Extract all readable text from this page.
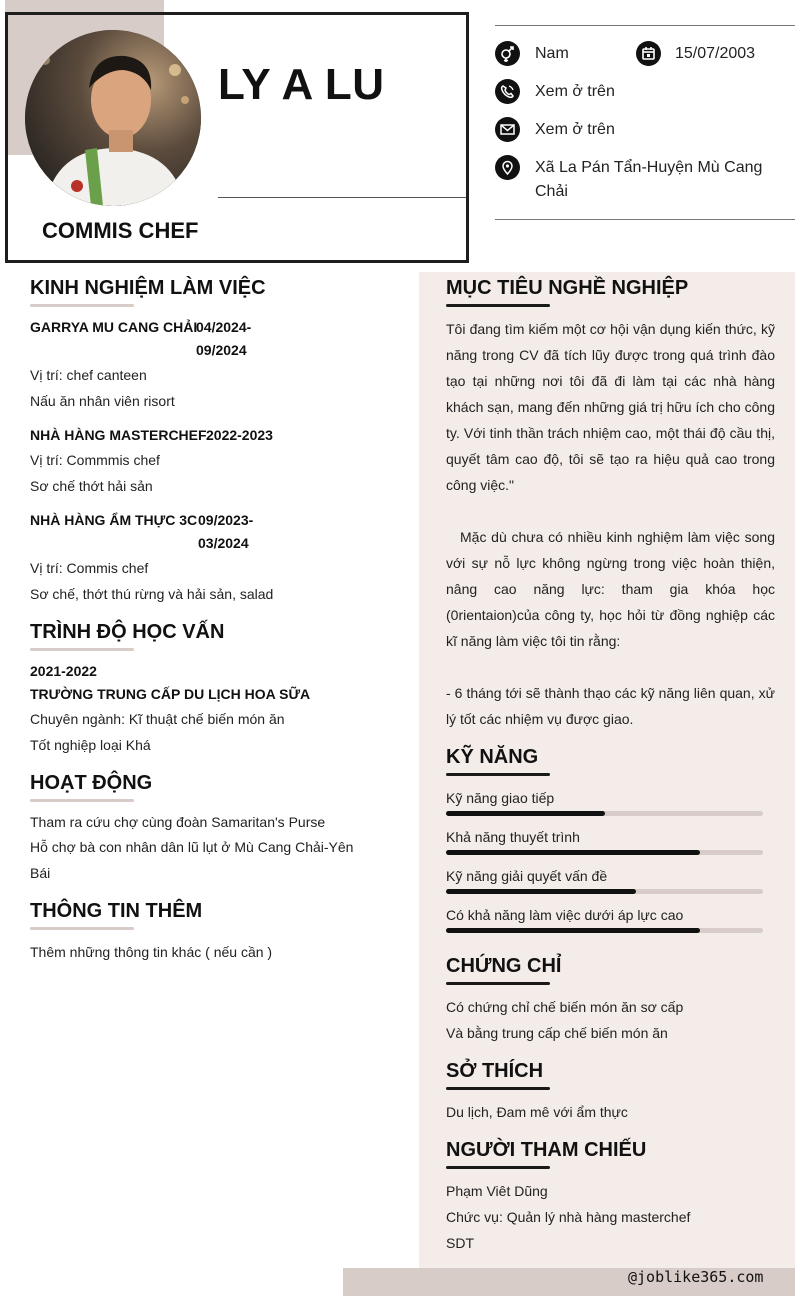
LY A LU
COMMIS CHEF
Nam	15/07/2003
Xem ở trên
Xem ở trên
Xã La Pán Tẩn-Huyện Mù Cang
Chải
KINH NGHIỆM LÀM VIỆC
GARRYA MU CANG CHẢI
04/2024-
09/2024
Vị trí: chef canteen
Nấu ăn nhân viên risort
NHÀ HÀNG MASTERCHEF 2022-2023
Vị trí: Commmis chef
Sơ chế thớt hải sản
NHÀ HÀNG ẨM THỰC 3C 09/2023-
03/2024
Vị trí: Commis chef
Sơ chế, thớt thú rừng và hải sản, salad
TRÌNH ĐỘ HỌC VẤN
2021-2022
TRƯỜNG TRUNG CẤP DU LỊCH HOA SỮA
Chuyên ngành: Kĩ thuật chế biến món ăn
Tốt nghiệp loại Khá
HOẠT ĐỘNG
Tham ra cứu chợ cùng đoàn Samaritan's Purse
Hỗ chợ bà con nhân dân lũ lụt ở Mù Cang Chải-Yên
Bái
THÔNG TIN THÊM
Thêm những thông tin khác ( nếu cần )
MỤC TIÊU NGHỀ NGHIỆP
Tôi đang tìm kiếm một cơ hội vận dụng kiến thức, kỹ năng trong CV đã tích lũy được trong quá trình đào tạo tại những nơi tôi đã đi làm tại các nhà hàng khách sạn, mang đến những giá trị hữu ích cho công ty. Với tinh thần trách nhiệm cao, một thái độ cầu thị, quyết tâm cao độ, tôi sẽ tạo ra hiệu quả cao trong công việc."
Mặc dù chưa có nhiều kinh nghiệm làm việc song với sự nỗ lực không ngừng trong việc hoàn thiện, nâng cao năng lực: tham gia khóa học (0rientaion)của công ty, học hỏi từ đồng nghiệp các kĩ năng làm việc tôi tin rằng:
- 6 tháng tới sẽ thành thạo các kỹ năng liên quan, xử lý tốt các nhiệm vụ được giao.
KỸ NĂNG
Kỹ năng giao tiếp
Khả năng thuyết trình
Kỹ năng giải quyết vấn đề
Có khả năng làm việc dưới áp lực cao
CHỨNG CHỈ
Có chứng chỉ chế biến món ăn sơ cấp
Và bằng trung cấp chế biến món ăn
SỞ THÍCH
Du lịch, Đam mê với ẩm thực
NGƯỜI THAM CHIẾU
Phạm Viêt Dũng
Chức vụ: Quản lý nhà hàng masterchef
SDT
@joblike365.com
